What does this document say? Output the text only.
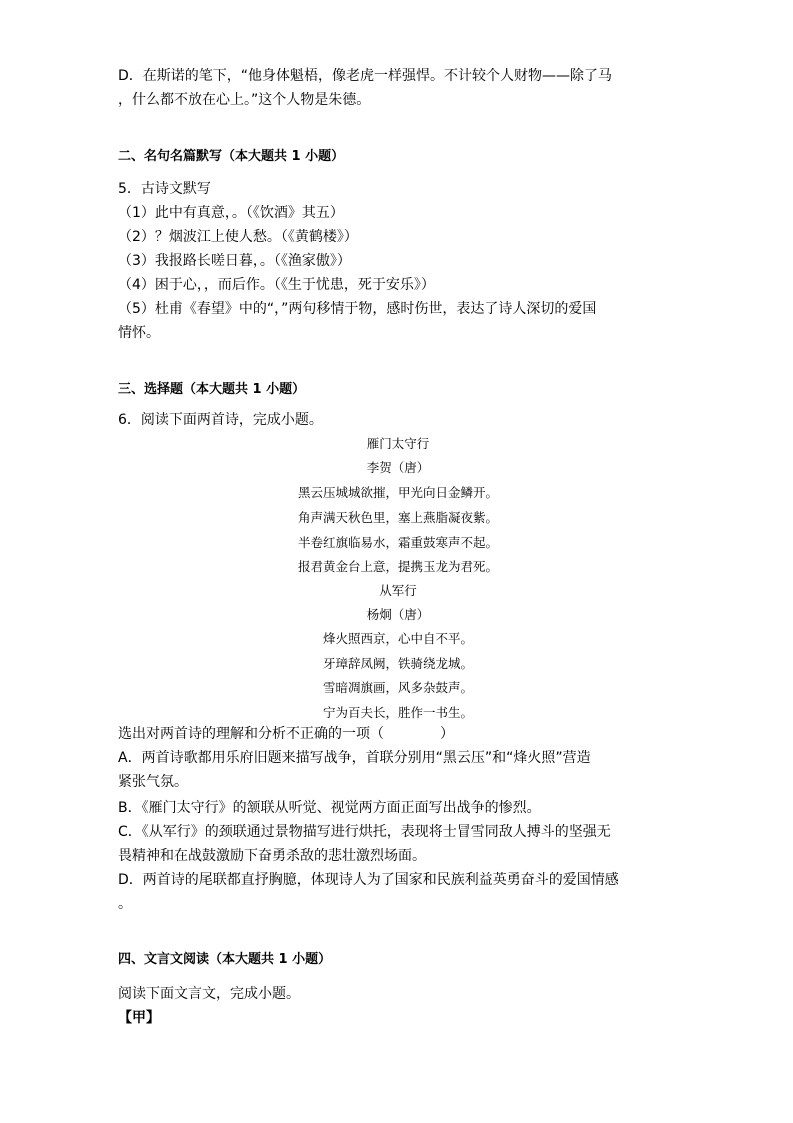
D．在斯诺的笔下，“他身体魁梧，像老虎一样强悍。不计较个人财物——除了马
，什么都不放在心上。”这个人物是朱德。
二、名句名篇默写（本大题共 1 小题）
5．古诗文默写
（1）此中有真意，。（《饮酒》其五）
（2）？烟波江上使人愁。（《黄鹤楼》）
（3）我报路长嗟日暮，。（《渔家傲》）
（4）困于心，，而后作。（《生于忧患，死于安乐》）
（5）杜甫《春望》中的“，”两句移情于物，感时伤世，表达了诗人深切的爱国
情怀。
三、选择题（本大题共 1 小题）
6．阅读下面两首诗，完成小题。
雁门太守行
李贺（唐）
黑云压城城欲摧，甲光向日金鳞开。
角声满天秋色里，塞上燕脂凝夜紫。
半卷红旗临易水，霜重鼓寒声不起。
报君黄金台上意，提携玉龙为君死。
从军行
杨炯（唐）
烽火照西京，心中自不平。
牙璋辞凤阙，铁骑绕龙城。
雪暗凋旗画，风多杂鼓声。
宁为百夫长，胜作一书生。
选出对两首诗的理解和分析不正确的一项（	）
A．两首诗歌都用乐府旧题来描写战争，首联分别用“黑云压”和“烽火照”营造
紧张气氛。
B．《雁门太守行》的颔联从听觉、视觉两方面正面写出战争的惨烈。
C．《从军行》的颈联通过景物描写进行烘托，表现将士冒雪同敌人搏斗的坚强无
畏精神和在战鼓激励下奋勇杀敌的悲壮激烈场面。
D．两首诗的尾联都直抒胸臆，体现诗人为了国家和民族利益英勇奋斗的爱国情感
。
四、文言文阅读（本大题共 1 小题）
阅读下面文言文，完成小题。
【甲】
